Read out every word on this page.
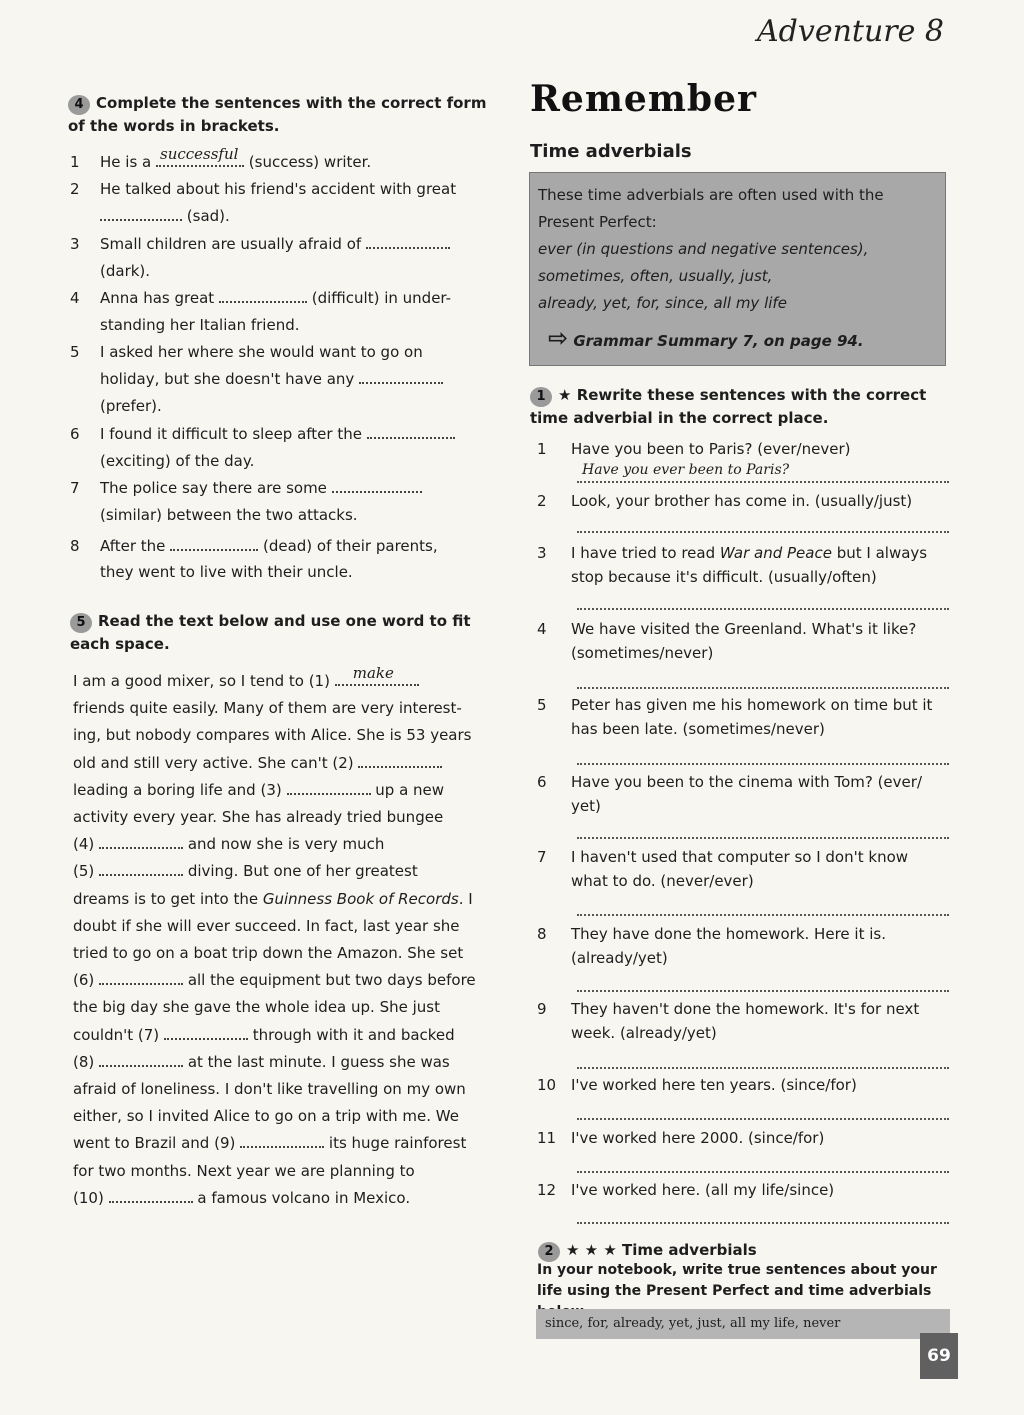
Adventure 8
4 Complete the sentences with the correct form of the words in brackets.
1	He is a successful (success) writer.
2	He talked about his friend's accident with great
(sad).
3	Small children are usually afraid of
(dark).
4	Anna has great	(difficult) in under-
standing her Italian friend.
5	I asked her where she would want to go on
holiday, but she doesn't have any
(prefer).
6	I found it difficult to sleep after the
(exciting) of the day.
7	The police say there are some
(similar) between the two attacks.
8	After the	(dead) of their parents,
they went to live with their uncle.
5 Read the text below and use one word to fit each space.
I am a good mixer, so I tend to (1) make
friends quite easily. Many of them are very interest-
ing, but nobody compares with Alice. She is 53 years
old and still very active. She can't (2)
leading a boring life and (3)	up a new
activity every year. She has already tried bungee
(4)	and now she is very much
(5)	diving. But one of her greatest
dreams is to get into the Guinness Book of Records. I
doubt if she will ever succeed. In fact, last year she
tried to go on a boat trip down the Amazon. She set
(6)	all the equipment but two days before
the big day she gave the whole idea up. She just
couldn't (7)	through with it and backed
(8)	at the last minute. I guess she was
afraid of loneliness. I don't like travelling on my own
either, so I invited Alice to go on a trip with me. We
went to Brazil and (9)	its huge rainforest
for two months. Next year we are planning to
(10)	a famous volcano in Mexico.
Remember
Time adverbials
These time adverbials are often used with the
Present Perfect:
ever (in questions and negative sentences),
sometimes, often, usually, just,
already, yet, for, since, all my life
⇨ Grammar Summary 7, on page 94.
1 ★ Rewrite these sentences with the correct time adverbial in the correct place.
1	Have you been to Paris? (ever/never)
Have you ever been to Paris?
2	Look, your brother has come in. (usually/just)
3	I have tried to read War and Peace but I always stop because it's difficult. (usually/often)
4	We have visited the Greenland. What's it like? (sometimes/never)
5	Peter has given me his homework on time but it has been late. (sometimes/never)
6	Have you been to the cinema with Tom? (ever/ yet)
7	I haven't used that computer so I don't know what to do. (never/ever)
8	They have done the homework. Here it is. (already/yet)
9	They haven't done the homework. It's for next week. (already/yet)
10 I've worked here ten years. (since/for)
11 I've worked here 2000. (since/for)
12 I've worked here. (all my life/since)
2 ★ ★ ★ Time adverbials
In your notebook, write true sentences about your life using the Present Perfect and time adverbials
since, for, already, yet, just, all my life, never
69
